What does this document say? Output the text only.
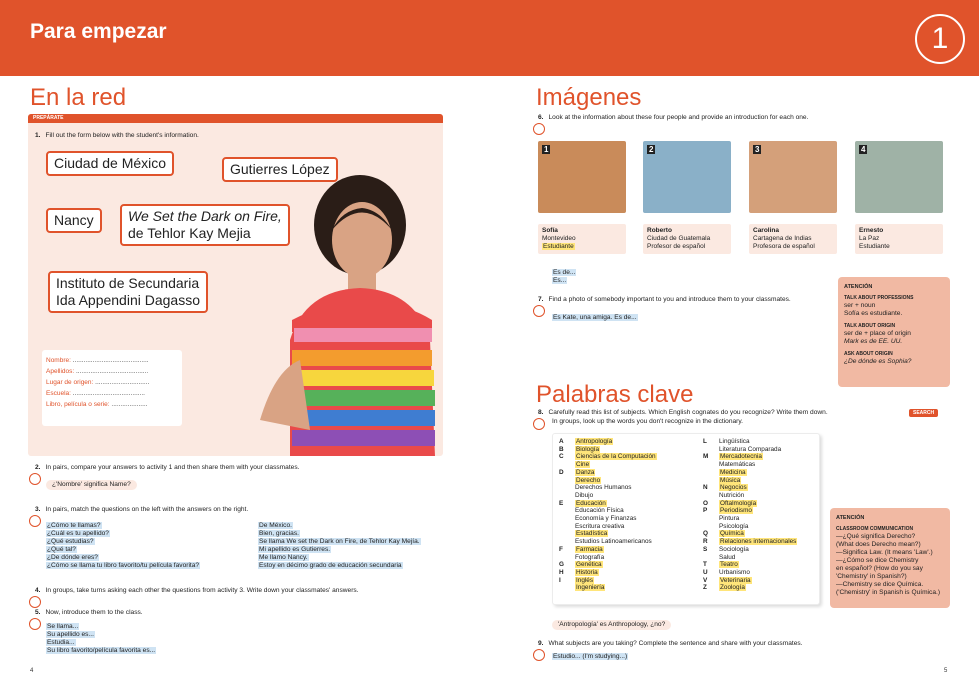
Para empezar	1
En la red
PREPÁRATE
1. Fill out the form below with the student's information.
Ciudad de México	Gutierres López
Nancy	We Set the Dark on Fire,
de Tehlor Kay Mejia
Instituto de Secundaria
Ida Appendini Dagasso
Nombre: ..........................................
Apellidos: ........................................
Lugar de origen: ..............................
Escuela: ........................................
Libro, película o serie: ....................
2. In pairs, compare your answers to activity 1 and then share them with your classmates.
¿'Nombre' significa Name?
3. In pairs, match the questions on the left with the answers on the right.
¿Cómo te llamas?
¿Cuál es tu apellido?
¿Qué estudias?
¿Qué tal?
¿De dónde eres?
¿Cómo se llama tu libro favorito/tu película favorita?
De México.
Bien, gracias.
Se llama We set the Dark on Fire, de Tehlor Kay Mejía.
Mi apellido es Gutierres.
Me llamo Nancy.
Estoy en décimo grado de educación secundaria
4. In groups, take turns asking each other the questions from activity 3. Write down your classmates' answers.
5. Now, introduce them to the class.
Se llama...
Su apellido es...
Estudia...
Su libro favorito/película favorita es...
4
Imágenes
6. Look at the information about these four people and provide an introduction for each one.
1	2	3	4
Sofía
Montevideo
Estudiante
Roberto
Ciudad de Guatemala
Profesor de español
Carolina
Cartagena de Indias
Profesora de español
Ernesto
La Paz
Estudiante
Es de...
Es...
7. Find a photo of somebody important to you and introduce them to your classmates.
Es Kate, una amiga. Es de...
ATENCIÓN
TALK ABOUT PROFESSIONS
ser + noun
Sofía es estudiante.
TALK ABOUT ORIGIN
ser de + place of origin
Mark es de EE. UU.
ASK ABOUT ORIGIN
¿De dónde es Sophia?
Palabras clave
8. Carefully read this list of subjects. Which English cognates do you recognize? Write them down.
In groups, look up the words you don't recognize in the dictionary.
SEARCH
A Antropología
B Biología
C Ciencias de la Computación
Cine
D Danza
Derecho
Derechos Humanos
Dibujo
E Educación
Educación Física
Economía y Finanzas
Escritura creativa
Estadística
Estudios Latinoamericanos
F Farmacia
Fotografía
G Genética
H Historia
I Inglés
Ingeniería
L Lingüística
Literatura Comparada
M Mercadotecnia
Matemáticas
Medicina
Música
N Negocios
Nutrición
O Oftalmología
P Periodismo
Pintura
Psicología
Q Química
R Relaciones internacionales
S Sociología
Salud
T Teatro
U Urbanismo
V Veterinaria
Z Zoología
'Antropología' es Anthropology, ¿no?
ATENCIÓN
CLASSROOM COMMUNICATION
—¿Qué significa Derecho?
(What does Derecho mean?)
—Significa Law. (It means 'Law'.)
—¿Cómo se dice Chemistry
en español? (How do you say
'Chemistry' in Spanish?)
—Chemistry se dice Química.
('Chemistry' in Spanish is Química.)
9. What subjects are you taking? Complete the sentence and share with your classmates.
Estudio... (I'm studying...)
5
